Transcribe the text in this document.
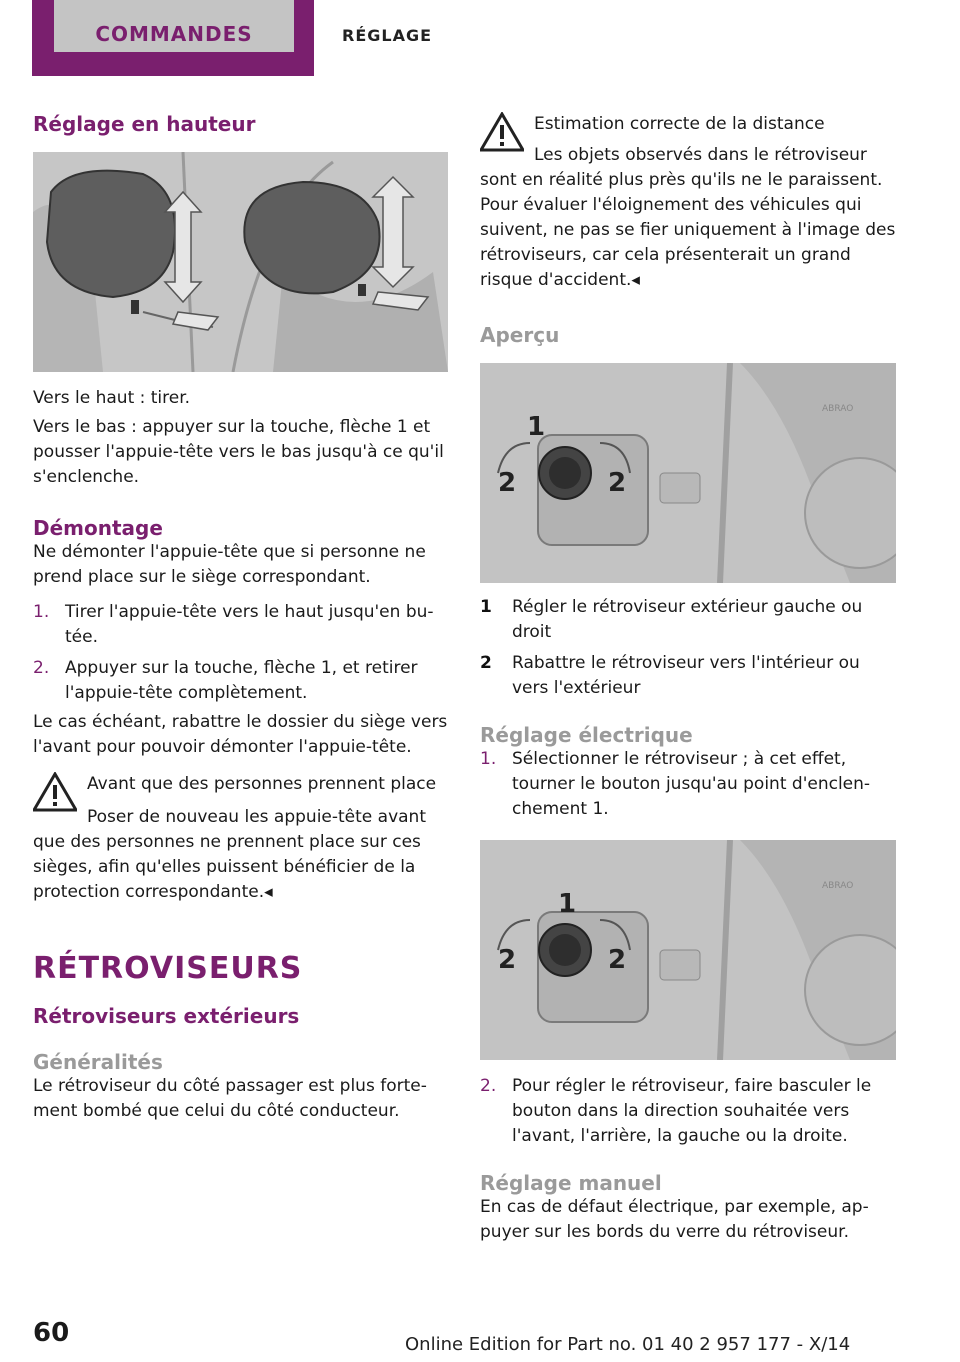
COMMANDES	RÉGLAGE
Réglage en hauteur

Vers le haut : tirer.

Vers le bas : appuyer sur la touche, flèche 1 et pousser l'appuie-tête vers le bas jusqu'à ce qu'il s'enclenche.

Démontage

Ne démonter l'appuie-tête que si personne ne prend place sur le siège correspondant.

1. Tirer l'appuie-tête vers le haut jusqu'en bu-tée.
2. Appuyer sur la touche, flèche 1, et retirer l'appuie-tête complètement.

Le cas échéant, rabattre le dossier du siège vers l'avant pour pouvoir démonter l'appuie-tête.

Avant que des personnes prennent place

Poser de nouveau les appuie-tête avant

que des personnes ne prennent place sur ces sièges, afin qu'elles puissent bénéficier de la protection correspondante.◂

RÉTROVISEURS
Rétroviseurs extérieurs
Généralités

Le rétroviseur du côté passager est plus forte-ment bombé que celui du côté conducteur.

Estimation correcte de la distance

Les objets observés dans le rétroviseur

sont en réalité plus près qu'ils ne le paraissent. Pour évaluer l'éloignement des véhicules qui suivent, ne pas se fier uniquement à l'image des rétroviseurs, car cela présenterait un grand risque d'accident.◂

Aperçu
1
2	2
ABRAO
1	Régler le rétroviseur extérieur gauche ou droit
2	Rabattre le rétroviseur vers l'intérieur ou vers l'extérieur
Réglage électrique
1. Sélectionner le rétroviseur ; à cet effet, tourner le bouton jusqu'au point d'enclen-chement 1.
1
2	2
ABRAO
2. Pour régler le rétroviseur, faire basculer le bouton dans la direction souhaitée vers l'avant, l'arrière, la gauche ou la droite.
Réglage manuel

En cas de défaut électrique, par exemple, ap-puyer sur les bords du verre du rétroviseur.

60	Online Edition for Part no. 01 40 2 957 177 - X/14
